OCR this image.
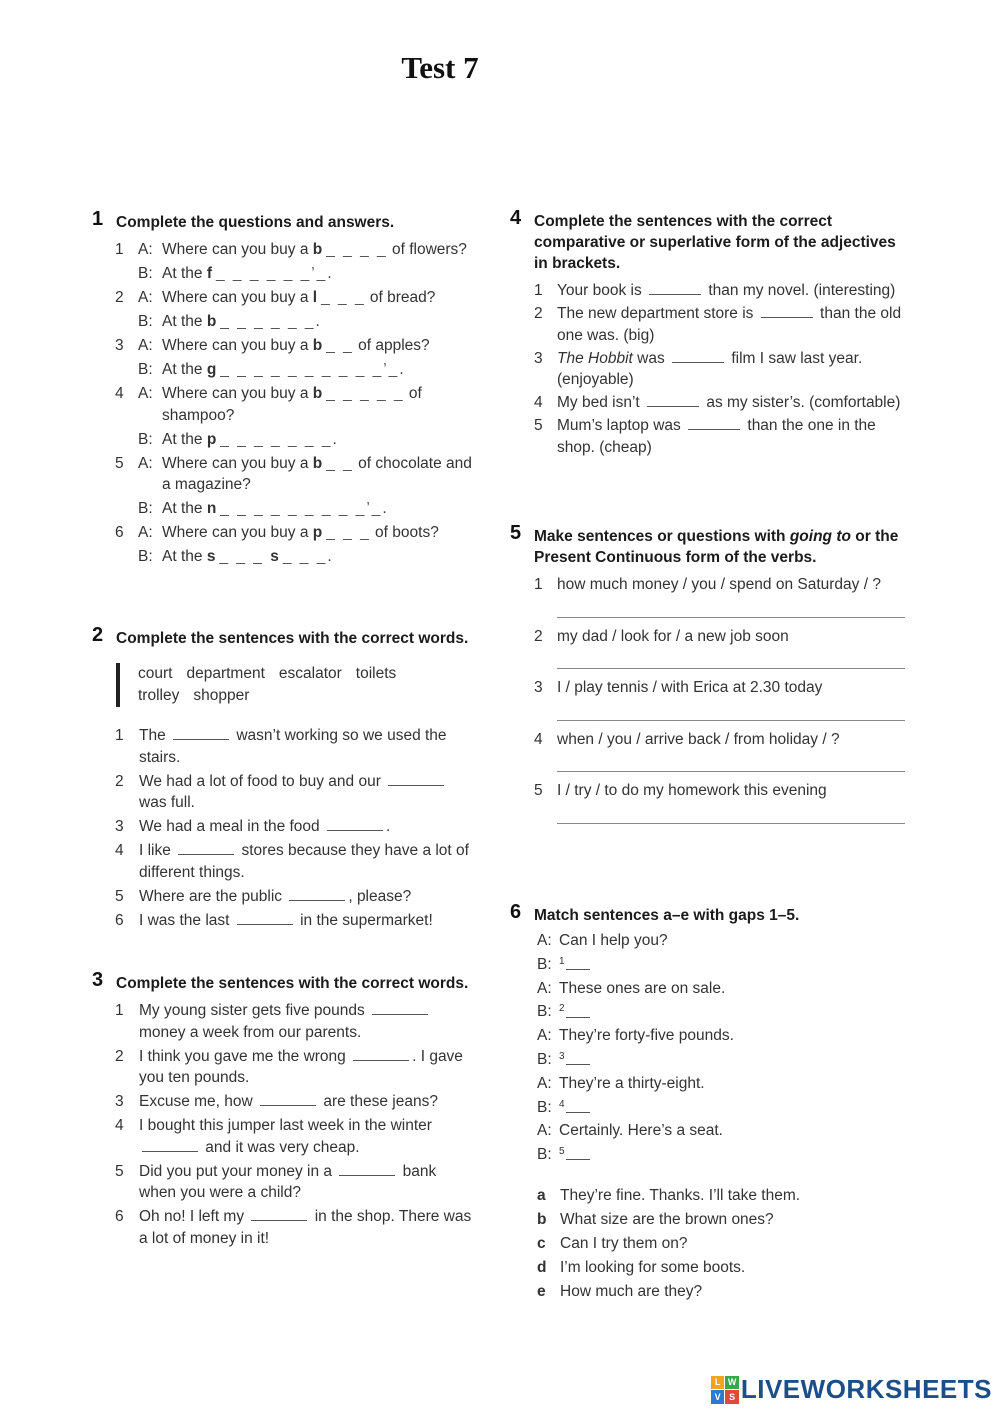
Test 7
1 Complete the questions and answers.
1 A: Where can you buy a b _ _ _ _ of flowers?
B: At the f _ _ _ _ _ _’_.
2 A: Where can you buy a l _ _ _ of bread?
B: At the b _ _ _ _ _ _.
3 A: Where can you buy a b _ _ of apples?
B: At the g _ _ _ _ _ _ _ _ _ _’_.
4 A: Where can you buy a b _ _ _ _ _ of shampoo?
B: At the p _ _ _ _ _ _ _.
5 A: Where can you buy a b _ _ of chocolate and a magazine?
B: At the n _ _ _ _ _ _ _ _ _’_.
6 A: Where can you buy a p _ _ _ of boots?
B: At the s _ _ _ s _ _ _.
2 Complete the sentences with the correct words.
court department escalator toiletstrolley shopper
1 The	wasn’t working so we used the stairs.
2 We had a lot of food to buy and our  was full.
3 We had a meal in the food	.
4 I like	stores because they have a lot of different things.
5 Where are the public	, please?
6 I was the last	in the supermarket!
3 Complete the sentences with the correct words.
1 My young sister gets five pounds  money a week from our parents.
2 I think you gave me the wrong	. I gave you ten pounds.
3 Excuse me, how	are these jeans?
4 I bought this jumper last week in the winter  and it was very cheap.
5 Did you put your money in a	bank when you were a child?
6 Oh no! I left my	in the shop. There was a lot of money in it!
4 Complete the sentences with the correct comparative or superlative form of the adjectives in brackets.
1 Your book is	than my novel. (interesting)
2 The new department store is	than the old one was. (big)
3 The Hobbit was	film I saw last year. (enjoyable)
4 My bed isn’t	as my sister’s. (comfortable)
5 Mum’s laptop was	than the one in the shop. (cheap)
5 Make sentences or questions with going to or the Present Continuous form of the verbs.
1 how much money / you / spend on Saturday / ?
2 my dad / look for / a new job soon
3 I / play tennis / with Erica at 2.30 today
4 when / you / arrive back / from holiday / ?
5 I / try / to do my homework this evening
6 Match sentences a–e with gaps 1–5.
A: Can I help you?
B: $^1$
A: These ones are on sale.
B: $^2$
A: They’re forty-five pounds.
B: $^3$
A: They’re a thirty-eight.
B: $^4$
A: Certainly. Here’s a seat.
B: $^5$
a They’re fine. Thanks. I’ll take them.
b What size are the brown ones?
c Can I try them on?
d I’m looking for some boots.
e How much are they?
L W
V S LIVEWORKSHEETS
